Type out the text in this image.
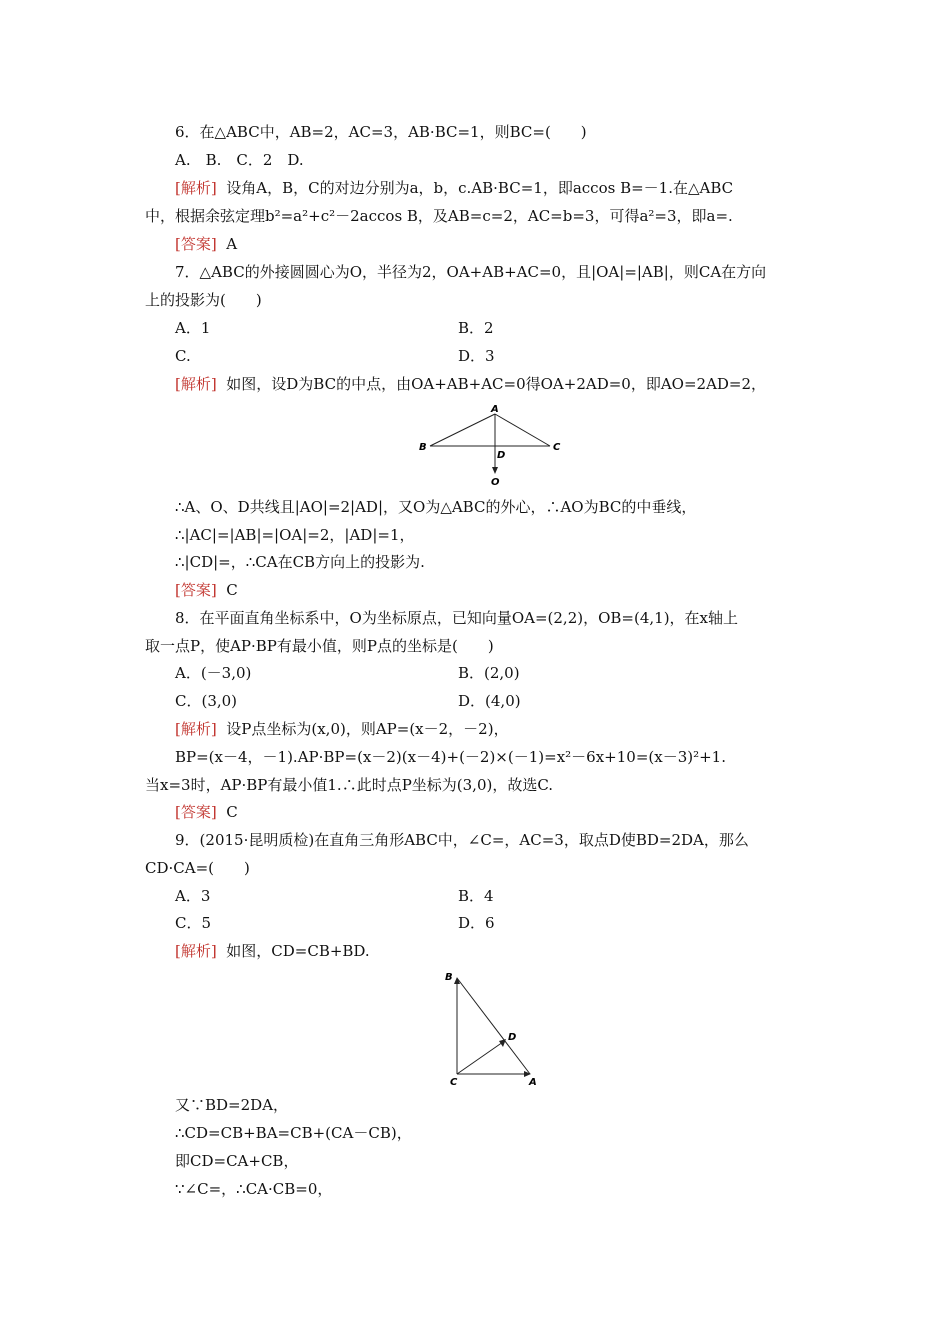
6．在△ABC中，AB=2，AC=3，AB·BC=1，则BC=(　　)
A.　B.　C．2　D.
[解析] 设角A，B，C的对边分别为a，b，c.AB·BC=1，即accos B=－1.在△ABC
中，根据余弦定理b²=a²+c²－2accos B，及AB=c=2，AC=b=3，可得a²=3，即a=.
[答案] A
7．△ABC的外接圆圆心为O，半径为2，OA+AB+AC=0，且|OA|=|AB|，则CA在方向
上的投影为(　　)
A．1	B．2
C.	D．3
[解析] 如图，设D为BC的中点，由OA+AB+AC=0得OA+2AD=0，即AO=2AD=2，
A
B	C
D
O
∴A、O、D共线且|AO|=2|AD|，又O为△ABC的外心，∴AO为BC的中垂线，
∴|AC|=|AB|=|OA|=2，|AD|=1，
∴|CD|=，∴CA在CB方向上的投影为.
[答案] C
8．在平面直角坐标系中，O为坐标原点，已知向量OA=(2,2)，OB=(4,1)，在x轴上
取一点P，使AP·BP有最小值，则P点的坐标是(　　)
A．(－3,0)	B．(2,0)
C．(3,0)	D．(4,0)
[解析] 设P点坐标为(x,0)，则AP=(x－2，－2)，
BP=(x－4，－1).AP·BP=(x－2)(x－4)+(－2)×(－1)=x²－6x+10=(x－3)²+1.
当x=3时，AP·BP有最小值1.∴此时点P坐标为(3,0)，故选C.
[答案] C
9．(2015·昆明质检)在直角三角形ABC中，∠C=，AC=3，取点D使BD=2DA，那么
CD·CA=(　　)
A．3	B．4
C．5	D．6
[解析] 如图，CD=CB+BD.
B
D
C	A
又∵BD=2DA，
∴CD=CB+BA=CB+(CA－CB)，
即CD=CA+CB，
∵∠C=，∴CA·CB=0，
